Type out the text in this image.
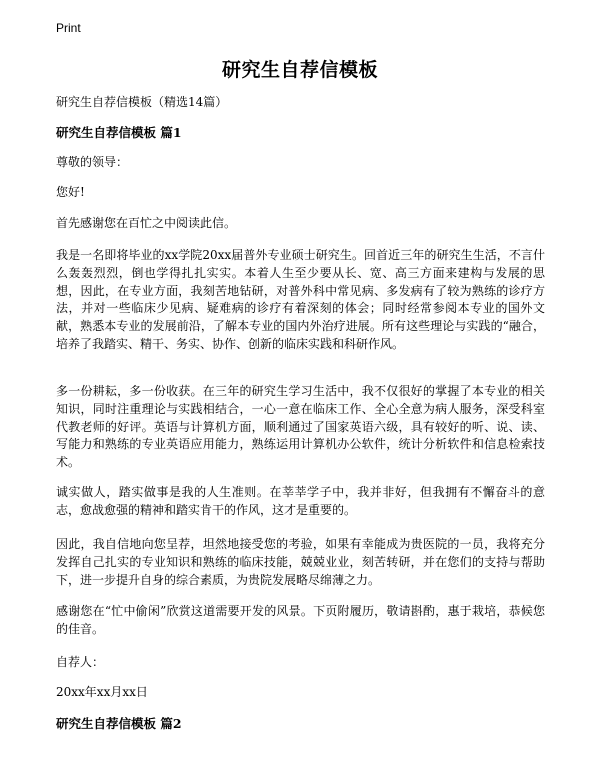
Print
研究生自荐信模板
研究生自荐信模板（精选14篇）
研究生自荐信模板 篇1
尊敬的领导：
您好!
首先感谢您在百忙之中阅读此信。
我是一名即将毕业的xx学院20xx届普外专业硕士研究生。回首近三年的研究生生活，不言什么轰轰烈烈，倒也学得扎扎实实。本着人生至少要从长、宽、高三方面来建构与发展的思想，因此，在专业方面，我刻苦地钻研，对普外科中常见病、多发病有了较为熟练的诊疗方法，并对一些临床少见病、疑难病的诊疗有着深刻的体会；同时经常参阅本专业的国外文献，熟悉本专业的发展前沿，了解本专业的国内外治疗进展。所有这些理论与实践的“融合，培养了我踏实、精干、务实、协作、创新的临床实践和科研作风。
多一份耕耘，多一份收获。在三年的研究生学习生活中，我不仅很好的掌握了本专业的相关知识，同时注重理论与实践相结合，一心一意在临床工作、全心全意为病人服务，深受科室代教老师的好评。英语与计算机方面，顺利通过了国家英语六级，具有较好的听、说、读、写能力和熟练的专业英语应用能力，熟练运用计算机办公软件，统计分析软件和信息检索技术。
诚实做人，踏实做事是我的人生准则。在莘莘学子中，我并非好，但我拥有不懈奋斗的意志，愈战愈强的精神和踏实肯干的作风，这才是重要的。
因此，我自信地向您呈荐，坦然地接受您的考验，如果有幸能成为贵医院的一员，我将充分发挥自己扎实的专业知识和熟练的临床技能，兢兢业业，刻苦转研，并在您们的支持与帮助下，进一步提升自身的综合素质，为贵院发展略尽绵薄之力。
感谢您在“忙中偷闲”欣赏这道需要开发的风景。下页附履历，敬请斟酌，惠于栽培，恭候您的佳音。
自荐人：
20xx年xx月xx日
研究生自荐信模板 篇2
